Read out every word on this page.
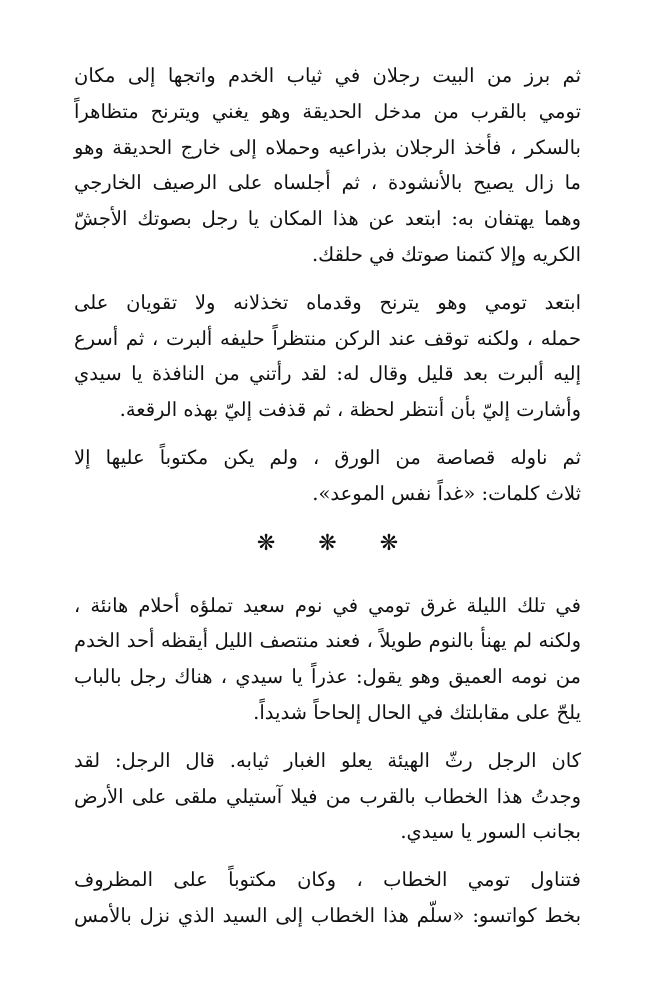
ثم برز من البيت رجلان في ثياب الخدم واتجها إلى مكان
تومي بالقرب من مدخل الحديقة وهو يغني ويترنح متظاهراً
بالسكر ، فأخذ الرجلان بذراعيه وحملاه إلى خارج الحديقة وهو
ما زال يصيح بالأنشودة ، ثم أجلساه على الرصيف الخارجي
وهما يهتفان به: ابتعد عن هذا المكان يا رجل بصوتك الأجشّ
الكريه وإلا كتمنا صوتك في حلقك.

ابتعد تومي وهو يترنح وقدماه تخذلانه ولا تقويان على
حمله ، ولكنه توقف عند الركن منتظراً حليفه ألبرت ، ثم أسرع
إليه ألبرت بعد قليل وقال له: لقد رأتني من النافذة يا سيدي
وأشارت إليّ بأن أنتظر لحظة ، ثم قذفت إليّ بهذه الرقعة.

ثم ناوله قصاصة من الورق ، ولم يكن مكتوباً عليها إلا
ثلاث كلمات: «غداً نفس الموعد».

❋ ❋ ❋

في تلك الليلة غرق تومي في نوم سعيد تملؤه أحلام هانئة ،
ولكنه لم يهنأ بالنوم طويلاً ، فعند منتصف الليل أيقظه أحد الخدم
من نومه العميق وهو يقول: عذراً يا سيدي ، هناك رجل بالباب
يلحّ على مقابلتك في الحال إلحاحاً شديداً.

كان الرجل رثّ الهيئة يعلو الغبار ثيابه. قال الرجل: لقد
وجدتُ هذا الخطاب بالقرب من فيلا آستيلي ملقى على الأرض
بجانب السور يا سيدي.

فتناول تومي الخطاب ، وكان مكتوباً على المظروف
بخط كواتسو: «سلّم هذا الخطاب إلى السيد الذي نزل بالأمس
